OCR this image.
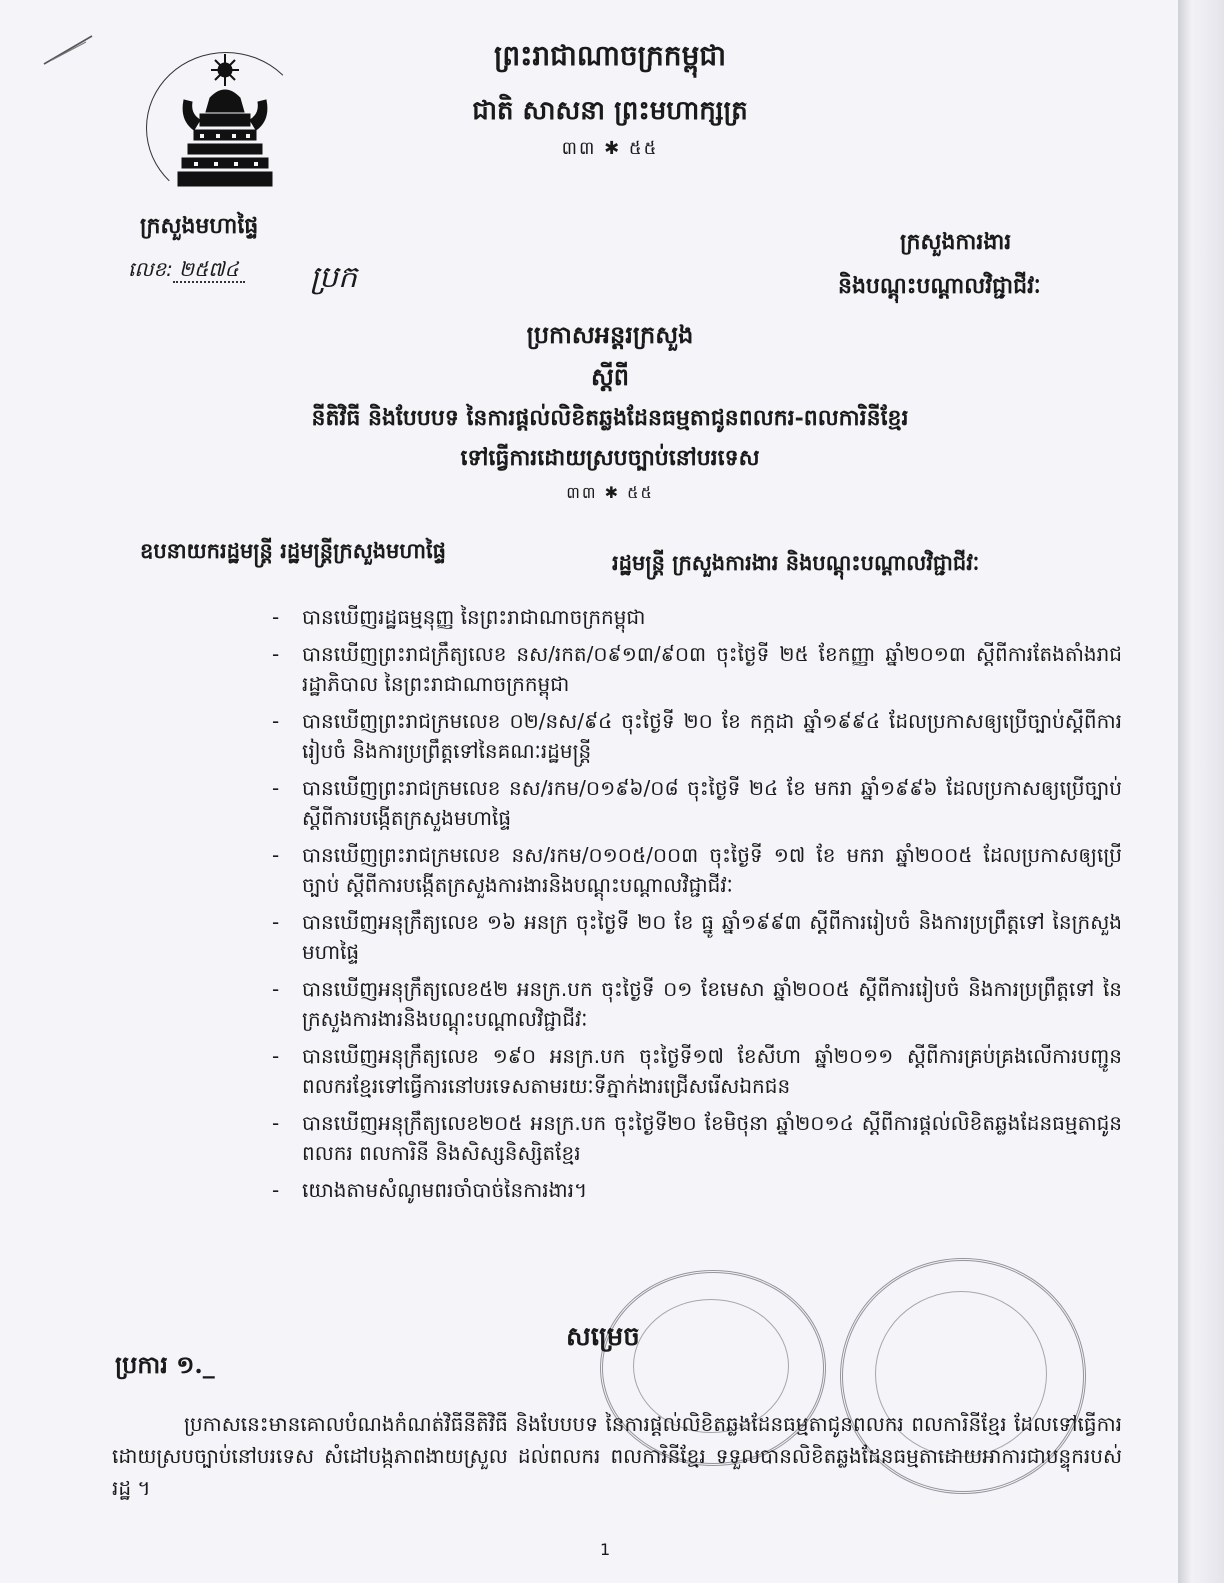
ព្រះរាជាណាចក្រកម្ពុជា
ជាតិ សាសនា ព្រះមហាក្សត្រ
៣៣ ✱ ៥៥
ក្រសួងមហាផ្ទៃ
លេខ: ២៥៧៤ ប្រក
ក្រសួងការងារ
និងបណ្តុះបណ្តាលវិជ្ជាជីវៈ
ប្រកាសអន្តរក្រសួង
ស្តីពី
នីតិវិធី និងបែបបទ នៃការផ្តល់លិខិតឆ្លងដែនធម្មតាជូនពលករ-ពលការិនីខ្មែរ
ទៅធ្វើការដោយស្របច្បាប់នៅបរទេស
៣៣ ✱ ៥៥
ឧបនាយករដ្ឋមន្ត្រី រដ្ឋមន្ត្រីក្រសួងមហាផ្ទៃ	រដ្ឋមន្ត្រី ក្រសួងការងារ និងបណ្តុះបណ្តាលវិជ្ជាជីវៈ
- បានឃើញរដ្ឋធម្មនុញ្ញ នៃព្រះរាជាណាចក្រកម្ពុជា
- បានឃើញព្រះរាជក្រឹត្យលេខ នស/រកត/០៩១៣/៩០៣ ចុះថ្ងៃទី ២៥ ខែកញ្ញា ឆ្នាំ២០១៣ ស្តីពីការតែងតាំងរាជរដ្ឋាភិបាល នៃព្រះរាជាណាចក្រកម្ពុជា
- បានឃើញព្រះរាជក្រមលេខ ០២/នស/៩៤ ចុះថ្ងៃទី ២០ ខែ កក្កដា ឆ្នាំ១៩៩៤ ដែលប្រកាសឲ្យប្រើច្បាប់ស្តីពីការរៀបចំ និងការប្រព្រឹត្តទៅនៃគណៈរដ្ឋមន្ត្រី
- បានឃើញព្រះរាជក្រមលេខ នស/រកម/០១៩៦/០៨ ចុះថ្ងៃទី ២៤ ខែ មករា ឆ្នាំ១៩៩៦ ដែលប្រកាសឲ្យប្រើច្បាប់ ស្តីពីការបង្កើតក្រសួងមហាផ្ទៃ
- បានឃើញព្រះរាជក្រមលេខ នស/រកម/០១០៥/០០៣ ចុះថ្ងៃទី ១៧ ខែ មករា ឆ្នាំ២០០៥ ដែលប្រកាសឲ្យប្រើច្បាប់ ស្តីពីការបង្កើតក្រសួងការងារនិងបណ្តុះបណ្តាលវិជ្ជាជីវៈ
- បានឃើញអនុក្រឹត្យលេខ ១៦ អនក្រ ចុះថ្ងៃទី ២០ ខែ ធ្នូ ឆ្នាំ១៩៩៣ ស្តីពីការរៀបចំ និងការប្រព្រឹត្តទៅ នៃក្រសួងមហាផ្ទៃ
- បានឃើញអនុក្រឹត្យលេខ៥២ អនក្រ.បក ចុះថ្ងៃទី ០១ ខែមេសា ឆ្នាំ២០០៥ ស្តីពីការរៀបចំ និងការប្រព្រឹត្តទៅ នៃក្រសួងការងារនិងបណ្តុះបណ្តាលវិជ្ជាជីវៈ
- បានឃើញអនុក្រឹត្យលេខ ១៩០ អនក្រ.បក ចុះថ្ងៃទី១៧ ខែសីហា ឆ្នាំ២០១១ ស្តីពីការគ្រប់គ្រងលើការបញ្ជូនពលករខ្មែរទៅធ្វើការនៅបរទេសតាមរយៈទីភ្នាក់ងារជ្រើសរើសឯកជន
- បានឃើញអនុក្រឹត្យលេខ២០៥ អនក្រ.បក ចុះថ្ងៃទី២០ ខែមិថុនា ឆ្នាំ២០១៤ ស្តីពីការផ្តល់លិខិតឆ្លងដែនធម្មតាជូនពលករ ពលការិនី និងសិស្សនិស្សិតខ្មែរ
- យោងតាមសំណូមពរចាំបាច់នៃការងារ។
សម្រេច
ប្រការ ១._
ប្រកាសនេះមានគោលបំណងកំណត់វិធីនីតិវិធី និងបែបបទ នៃការផ្តល់លិខិតឆ្លងដែនធម្មតាជូនពលករ ពលការិនីខ្មែរ ដែលទៅធ្វើការដោយស្របច្បាប់នៅបរទេស សំដៅបង្កភាពងាយស្រួល ដល់ពលករ ពលការិនីខ្មែរ ទទួលបានលិខិតឆ្លងដែនធម្មតាដោយអាការជាបន្ទុករបស់រដ្ឋ ។
1
